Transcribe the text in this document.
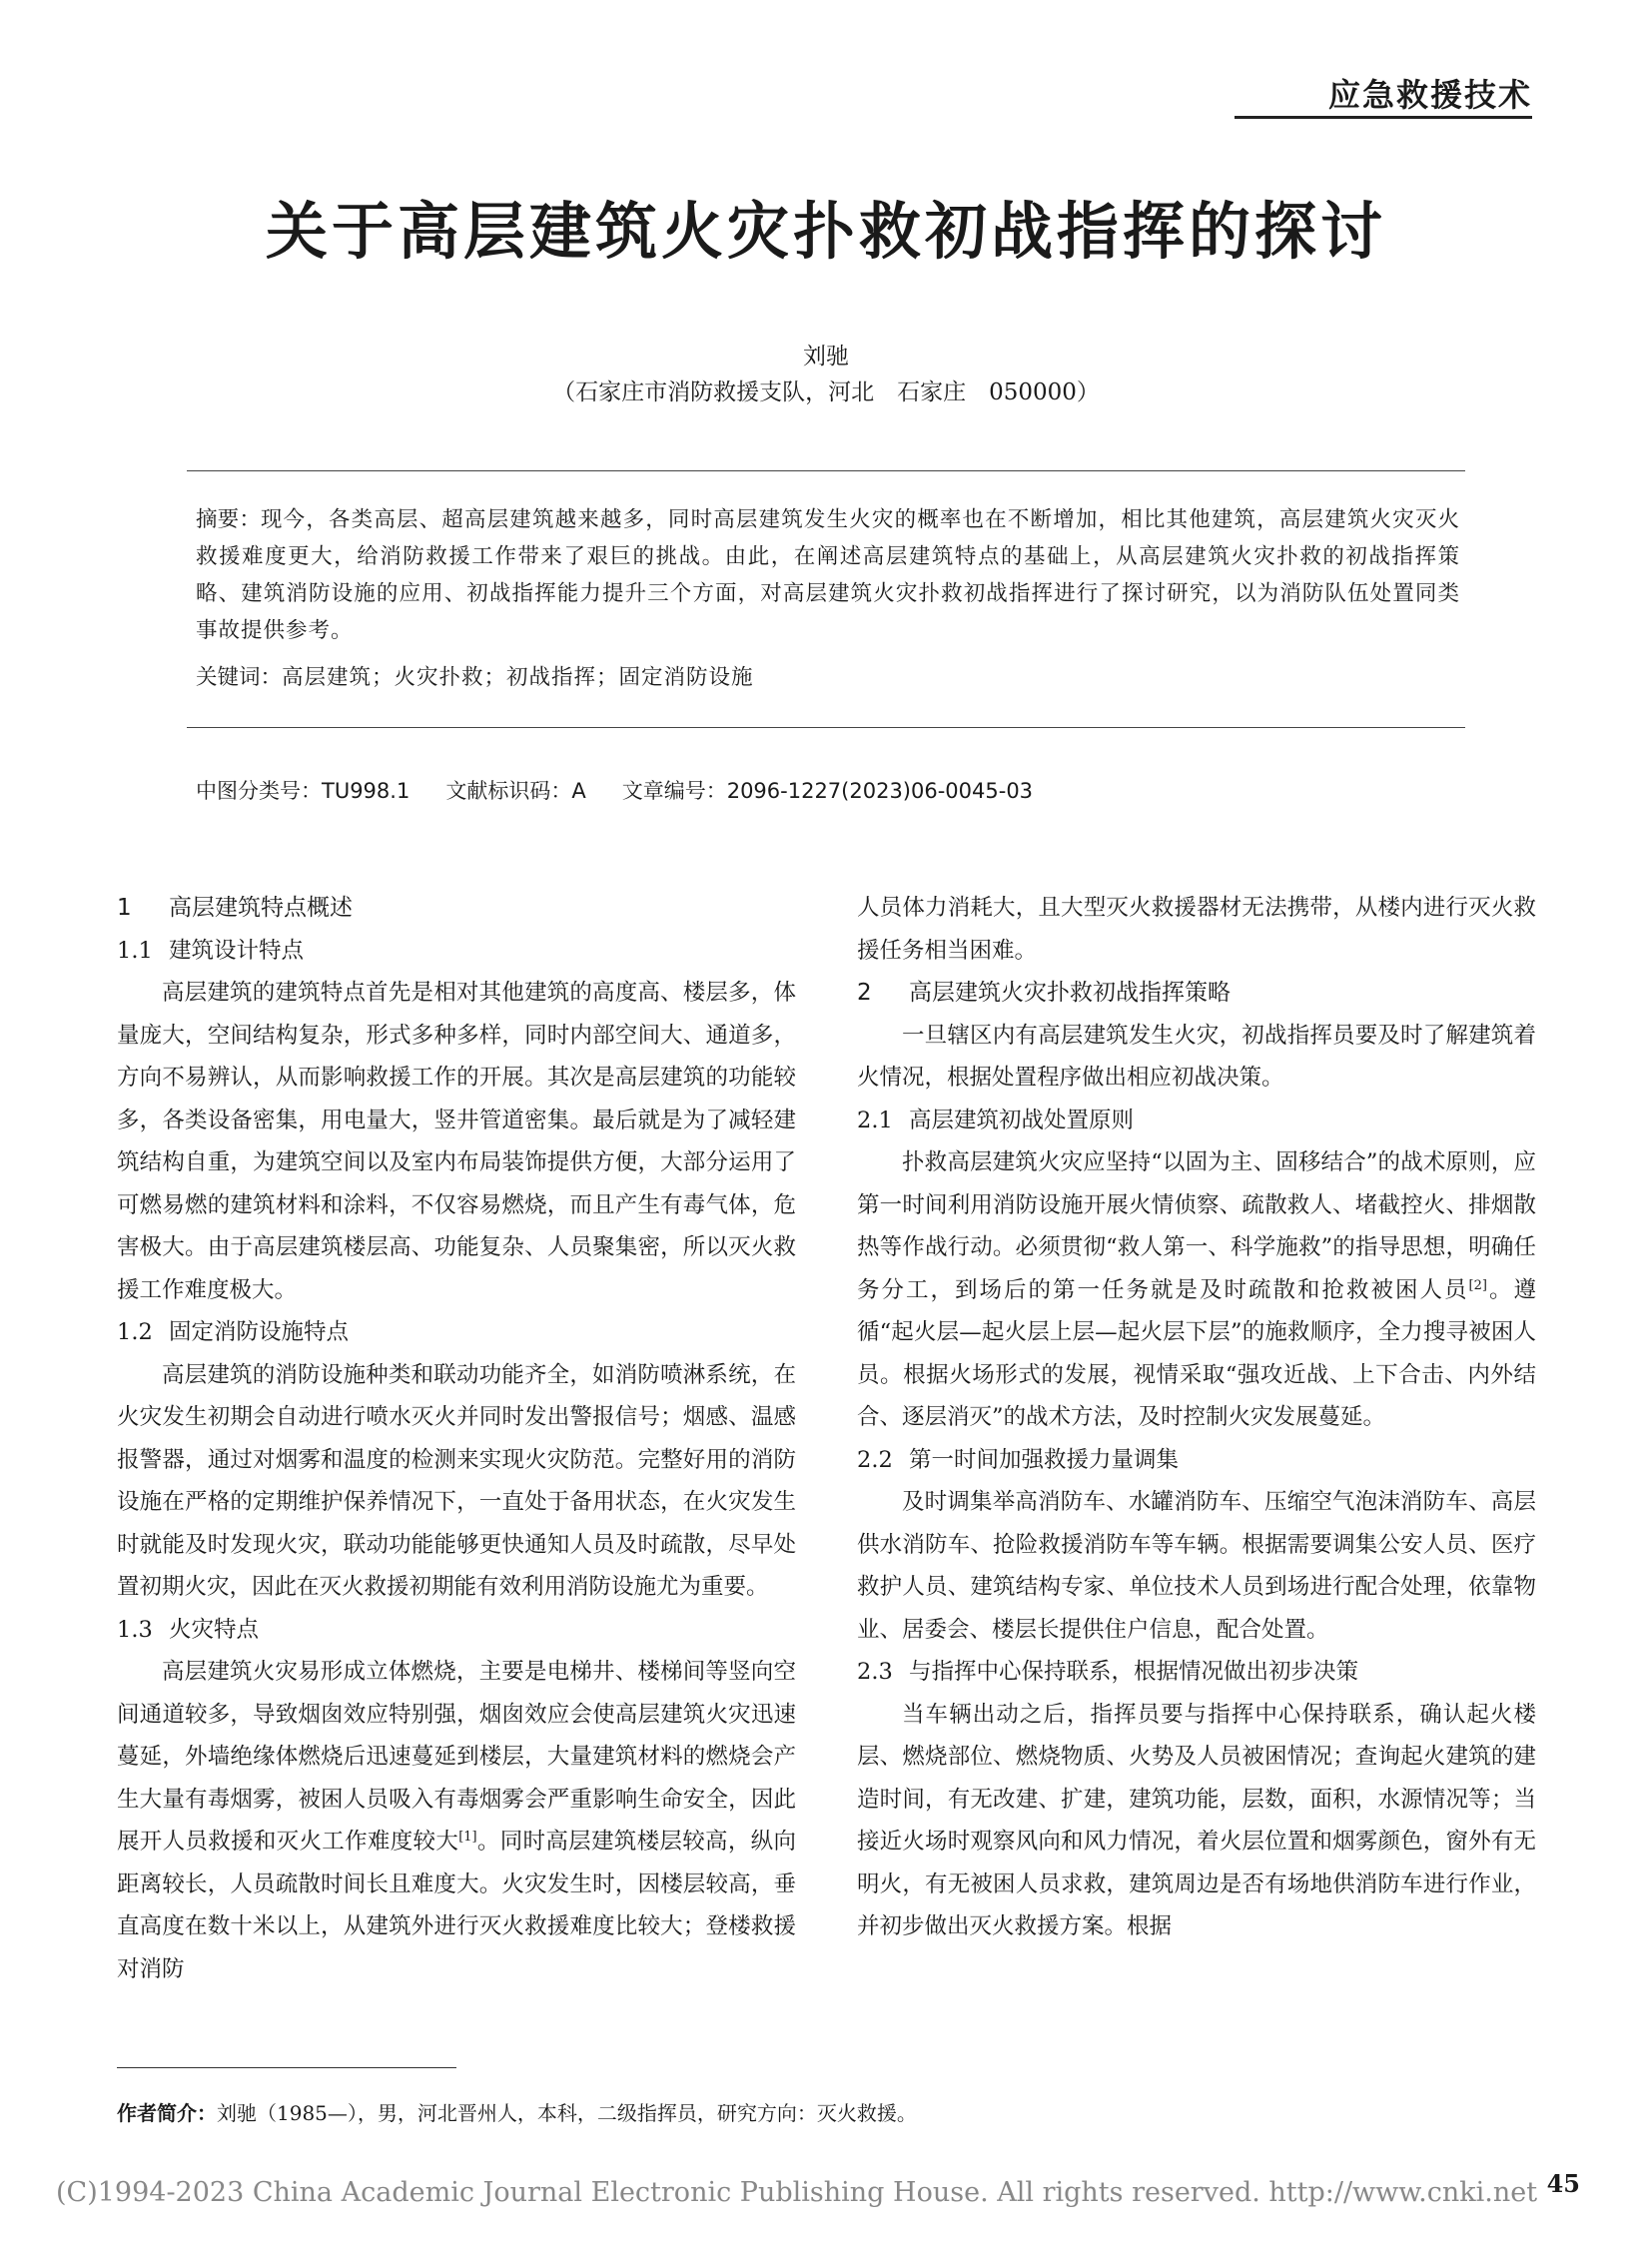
应急救援技术
关于高层建筑火灾扑救初战指挥的探讨
刘驰
（石家庄市消防救援支队，河北　石家庄　050000）
摘要：现今，各类高层、超高层建筑越来越多，同时高层建筑发生火灾的概率也在不断增加，相比其他建筑，高层建筑火灾灭火救援难度更大，给消防救援工作带来了艰巨的挑战。由此，在阐述高层建筑特点的基础上，从高层建筑火灾扑救的初战指挥策略、建筑消防设施的应用、初战指挥能力提升三个方面，对高层建筑火灾扑救初战指挥进行了探讨研究，以为消防队伍处置同类事故提供参考。
关键词：高层建筑；火灾扑救；初战指挥；固定消防设施
中图分类号：TU998.1 文献标识码：A 文章编号：2096-1227(2023)06-0045-03
1 高层建筑特点概述
1.1 建筑设计特点

高层建筑的建筑特点首先是相对其他建筑的高度高、楼层多，体量庞大，空间结构复杂，形式多种多样，同时内部空间大、通道多，方向不易辨认，从而影响救援工作的开展。其次是高层建筑的功能较多，各类设备密集，用电量大，竖井管道密集。最后就是为了减轻建筑结构自重，为建筑空间以及室内布局装饰提供方便，大部分运用了可燃易燃的建筑材料和涂料，不仅容易燃烧，而且产生有毒气体，危害极大。由于高层建筑楼层高、功能复杂、人员聚集密，所以灭火救援工作难度极大。

1.2 固定消防设施特点

高层建筑的消防设施种类和联动功能齐全，如消防喷淋系统，在火灾发生初期会自动进行喷水灭火并同时发出警报信号；烟感、温感报警器，通过对烟雾和温度的检测来实现火灾防范。完整好用的消防设施在严格的定期维护保养情况下，一直处于备用状态，在火灾发生时就能及时发现火灾，联动功能能够更快通知人员及时疏散，尽早处置初期火灾，因此在灭火救援初期能有效利用消防设施尤为重要。

1.3 火灾特点

高层建筑火灾易形成立体燃烧，主要是电梯井、楼梯间等竖向空间通道较多，导致烟囱效应特别强，烟囱效应会使高层建筑火灾迅速蔓延，外墙绝缘体燃烧后迅速蔓延到楼层，大量建筑材料的燃烧会产生大量有毒烟雾，被困人员吸入有毒烟雾会严重影响生命安全，因此展开人员救援和灭火工作难度较大[1]。同时高层建筑楼层较高，纵向距离较长，人员疏散时间长且难度大。火灾发生时，因楼层较高，垂直高度在数十米以上，从建筑外进行灭火救援难度比较大；登楼救援对消防

人员体力消耗大，且大型灭火救援器材无法携带，从楼内进行灭火救援任务相当困难。

2 高层建筑火灾扑救初战指挥策略

一旦辖区内有高层建筑发生火灾，初战指挥员要及时了解建筑着火情况，根据处置程序做出相应初战决策。

2.1 高层建筑初战处置原则

扑救高层建筑火灾应坚持“以固为主、固移结合”的战术原则，应第一时间利用消防设施开展火情侦察、疏散救人、堵截控火、排烟散热等作战行动。必须贯彻“救人第一、科学施救”的指导思想，明确任务分工，到场后的第一任务就是及时疏散和抢救被困人员[2]。遵循“起火层—起火层上层—起火层下层”的施救顺序，全力搜寻被困人员。根据火场形式的发展，视情采取“强攻近战、上下合击、内外结合、逐层消灭”的战术方法，及时控制火灾发展蔓延。

2.2 第一时间加强救援力量调集

及时调集举高消防车、水罐消防车、压缩空气泡沫消防车、高层供水消防车、抢险救援消防车等车辆。根据需要调集公安人员、医疗救护人员、建筑结构专家、单位技术人员到场进行配合处理，依靠物业、居委会、楼层长提供住户信息，配合处置。

2.3 与指挥中心保持联系，根据情况做出初步决策

当车辆出动之后，指挥员要与指挥中心保持联系，确认起火楼层、燃烧部位、燃烧物质、火势及人员被困情况；查询起火建筑的建造时间，有无改建、扩建，建筑功能，层数，面积，水源情况等；当接近火场时观察风向和风力情况，着火层位置和烟雾颜色，窗外有无明火，有无被困人员求救，建筑周边是否有场地供消防车进行作业，并初步做出灭火救援方案。根据

作者简介：刘驰（1985—），男，河北晋州人，本科，二级指挥员，研究方向：灭火救援。
(C)1994-2023 China Academic Journal Electronic Publishing House. All rights reserved. http://www.cnki.net 45
